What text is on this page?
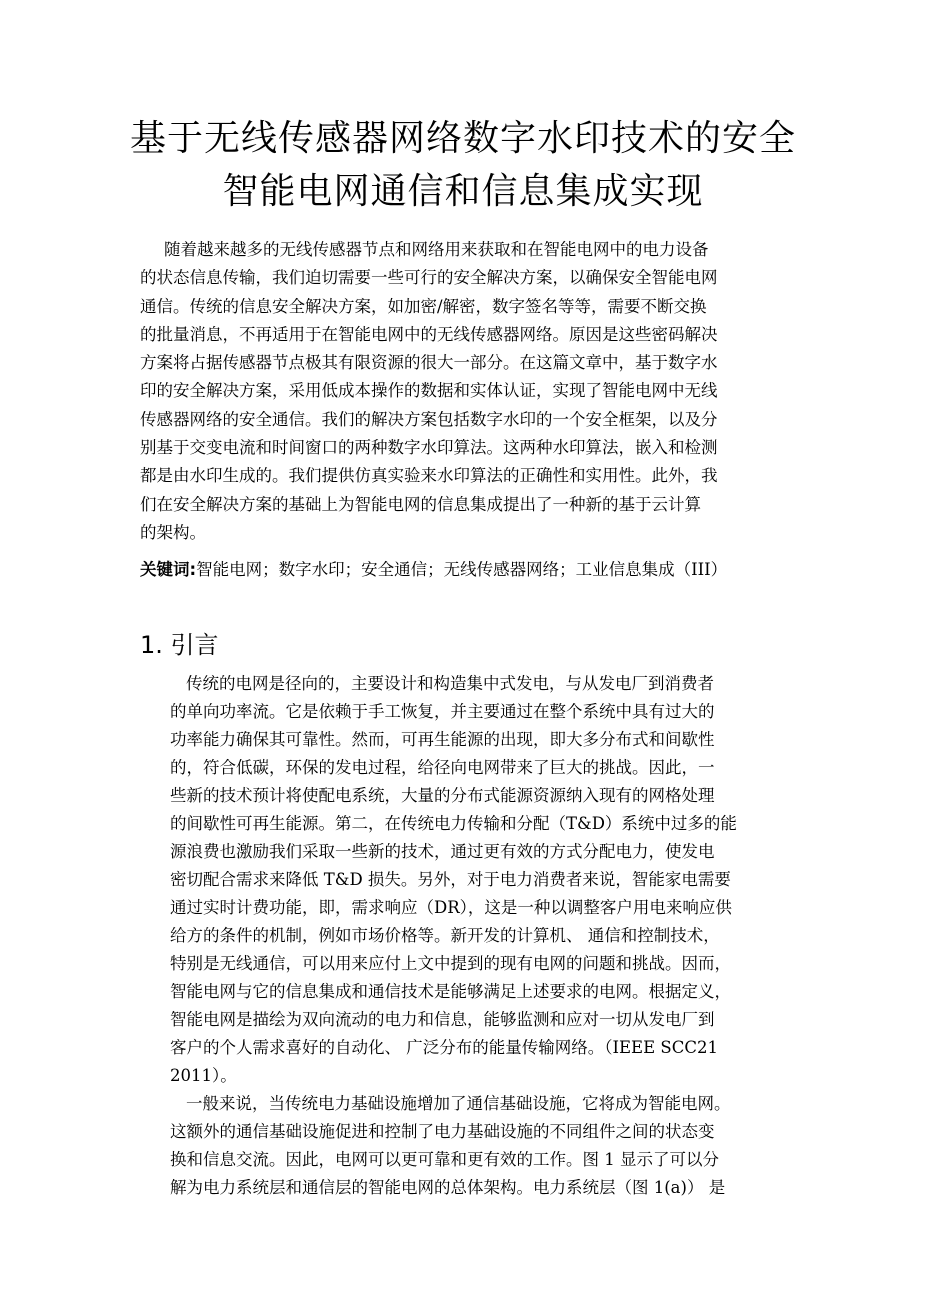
基于无线传感器网络数字水印技术的安全
智能电网通信和信息集成实现
随着越来越多的无线传感器节点和网络用来获取和在智能电网中的电力设备
的状态信息传输，我们迫切需要一些可行的安全解决方案，以确保安全智能电网
通信。传统的信息安全解决方案，如加密/解密，数字签名等等，需要不断交换
的批量消息，不再适用于在智能电网中的无线传感器网络。原因是这些密码解决
方案将占据传感器节点极其有限资源的很大一部分。在这篇文章中，基于数字水
印的安全解决方案，采用低成本操作的数据和实体认证，实现了智能电网中无线
传感器网络的安全通信。我们的解决方案包括数字水印的一个安全框架，以及分
别基于交变电流和时间窗口的两种数字水印算法。这两种水印算法，嵌入和检测
都是由水印生成的。我们提供仿真实验来水印算法的正确性和实用性。此外，我
们在安全解决方案的基础上为智能电网的信息集成提出了一种新的基于云计算
的架构。
关键词:智能电网；数字水印；安全通信；无线传感器网络；工业信息集成（III）
1. 引言
传统的电网是径向的，主要设计和构造集中式发电，与从发电厂到消费者
的单向功率流。它是依赖于手工恢复，并主要通过在整个系统中具有过大的
功率能力确保其可靠性。然而，可再生能源的出现，即大多分布式和间歇性
的，符合低碳，环保的发电过程，给径向电网带来了巨大的挑战。因此，一
些新的技术预计将使配电系统，大量的分布式能源资源纳入现有的网格处理
的间歇性可再生能源。第二，在传统电力传输和分配（T&D）系统中过多的能
源浪费也激励我们采取一些新的技术，通过更有效的方式分配电力，使发电
密切配合需求来降低 T&D 损失。另外，对于电力消费者来说，智能家电需要
通过实时计费功能，即，需求响应（DR），这是一种以调整客户用电来响应供
给方的条件的机制，例如市场价格等。新开发的计算机、 通信和控制技术，
特别是无线通信，可以用来应付上文中提到的现有电网的问题和挑战。因而，
智能电网与它的信息集成和通信技术是能够满足上述要求的电网。根据定义，
智能电网是描绘为双向流动的电力和信息，能够监测和应对一切从发电厂到
客户的个人需求喜好的自动化、 广泛分布的能量传输网络。（IEEE SCC21
2011）。
一般来说，当传统电力基础设施增加了通信基础设施，它将成为智能电网。
这额外的通信基础设施促进和控制了电力基础设施的不同组件之间的状态变
换和信息交流。因此，电网可以更可靠和更有效的工作。图 1 显示了可以分
解为电力系统层和通信层的智能电网的总体架构。电力系统层（图 1(a)） 是
